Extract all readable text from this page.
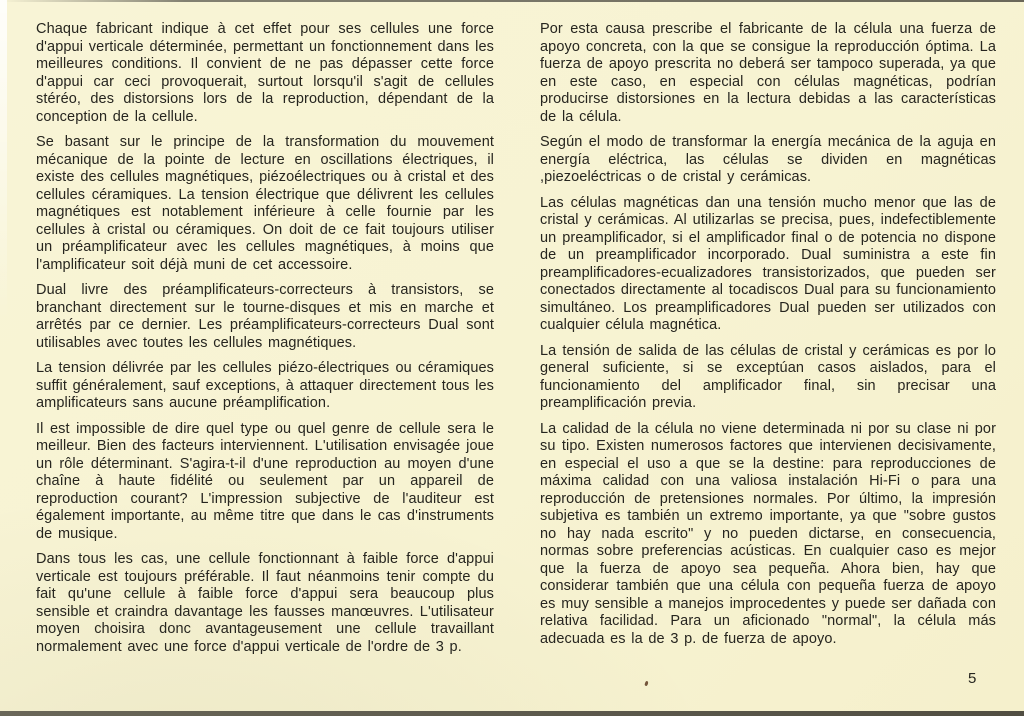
Chaque fabricant indique à cet effet pour ses cellules une force d'appui verticale déterminée, permettant un fonctionnement dans les meilleures conditions. Il convient de ne pas dépasser cette force d'appui car ceci provoquerait, surtout lorsqu'il s'agit de cellules stéréo, des distorsions lors de la reproduction, dépendant de la conception de la cellule.

Se basant sur le principe de la transformation du mouvement mécanique de la pointe de lecture en oscillations électriques, il existe des cellules magnétiques, piézoélectriques ou à cristal et des cellules céramiques. La tension électrique que délivrent les cellules magnétiques est notablement inférieure à celle fournie par les cellules à cristal ou céramiques. On doit de ce fait toujours utiliser un préamplificateur avec les cellules magnétiques, à moins que l'amplificateur soit déjà muni de cet accessoire.

Dual livre des préamplificateurs-correcteurs à transistors, se branchant directement sur le tourne-disques et mis en marche et arrêtés par ce dernier. Les préamplificateurs-correcteurs Dual sont utilisables avec toutes les cellules magnétiques.

La tension délivrée par les cellules piézo-électriques ou céramiques suffit généralement, sauf exceptions, à attaquer directement tous les amplificateurs sans aucune préamplification.

Il est impossible de dire quel type ou quel genre de cellule sera le meilleur. Bien des facteurs interviennent. L'utilisation envisagée joue un rôle déterminant. S'agira-t-il d'une reproduction au moyen d'une chaîne à haute fidélité ou seulement par un appareil de reproduction courant? L'impression subjective de l'auditeur est également importante, au même titre que dans le cas d'instruments de musique.

Dans tous les cas, une cellule fonctionnant à faible force d'appui verticale est toujours préférable. Il faut néanmoins tenir compte du fait qu'une cellule à faible force d'appui sera beaucoup plus sensible et craindra davantage les fausses manœuvres. L'utilisateur moyen choisira donc avantageusement une cellule travaillant normalement avec une force d'appui verticale de l'ordre de 3 p.

Por esta causa prescribe el fabricante de la célula una fuerza de apoyo concreta, con la que se consigue la reproducción óptima. La fuerza de apoyo prescrita no deberá ser tampoco superada, ya que en este caso, en especial con células magnéticas, podrían producirse distorsiones en la lectura debidas a las características de la célula.

Según el modo de transformar la energía mecánica de la aguja en energía eléctrica, las células se dividen en magnéticas ,piezoeléctricas o de cristal y cerámicas.

Las células magnéticas dan una tensión mucho menor que las de cristal y cerámicas. Al utilizarlas se precisa, pues, indefectiblemente un preamplificador, si el amplificador final o de potencia no dispone de un preamplificador incorporado. Dual suministra a este fin preamplificadores-ecualizadores transistorizados, que pueden ser conectados directamente al tocadiscos Dual para su funcionamiento simultáneo. Los preamplificadores Dual pueden ser utilizados con cualquier célula magnética.

La tensión de salida de las células de cristal y cerámicas es por lo general suficiente, si se exceptúan casos aislados, para el funcionamiento del amplificador final, sin precisar una preamplificación previa.

La calidad de la célula no viene determinada ni por su clase ni por su tipo. Existen numerosos factores que intervienen decisivamente, en especial el uso a que se la destine: para reproducciones de máxima calidad con una valiosa instalación Hi-Fi o para una reproducción de pretensiones normales. Por último, la impresión subjetiva es también un extremo importante, ya que "sobre gustos no hay nada escrito" y no pueden dictarse, en consecuencia, normas sobre preferencias acústicas. En cualquier caso es mejor que la fuerza de apoyo sea pequeña. Ahora bien, hay que considerar también que una célula con pequeña fuerza de apoyo es muy sensible a manejos improcedentes y puede ser dañada con relativa facilidad. Para un aficionado "normal", la célula más adecuada es la de 3 p. de fuerza de apoyo.

5
